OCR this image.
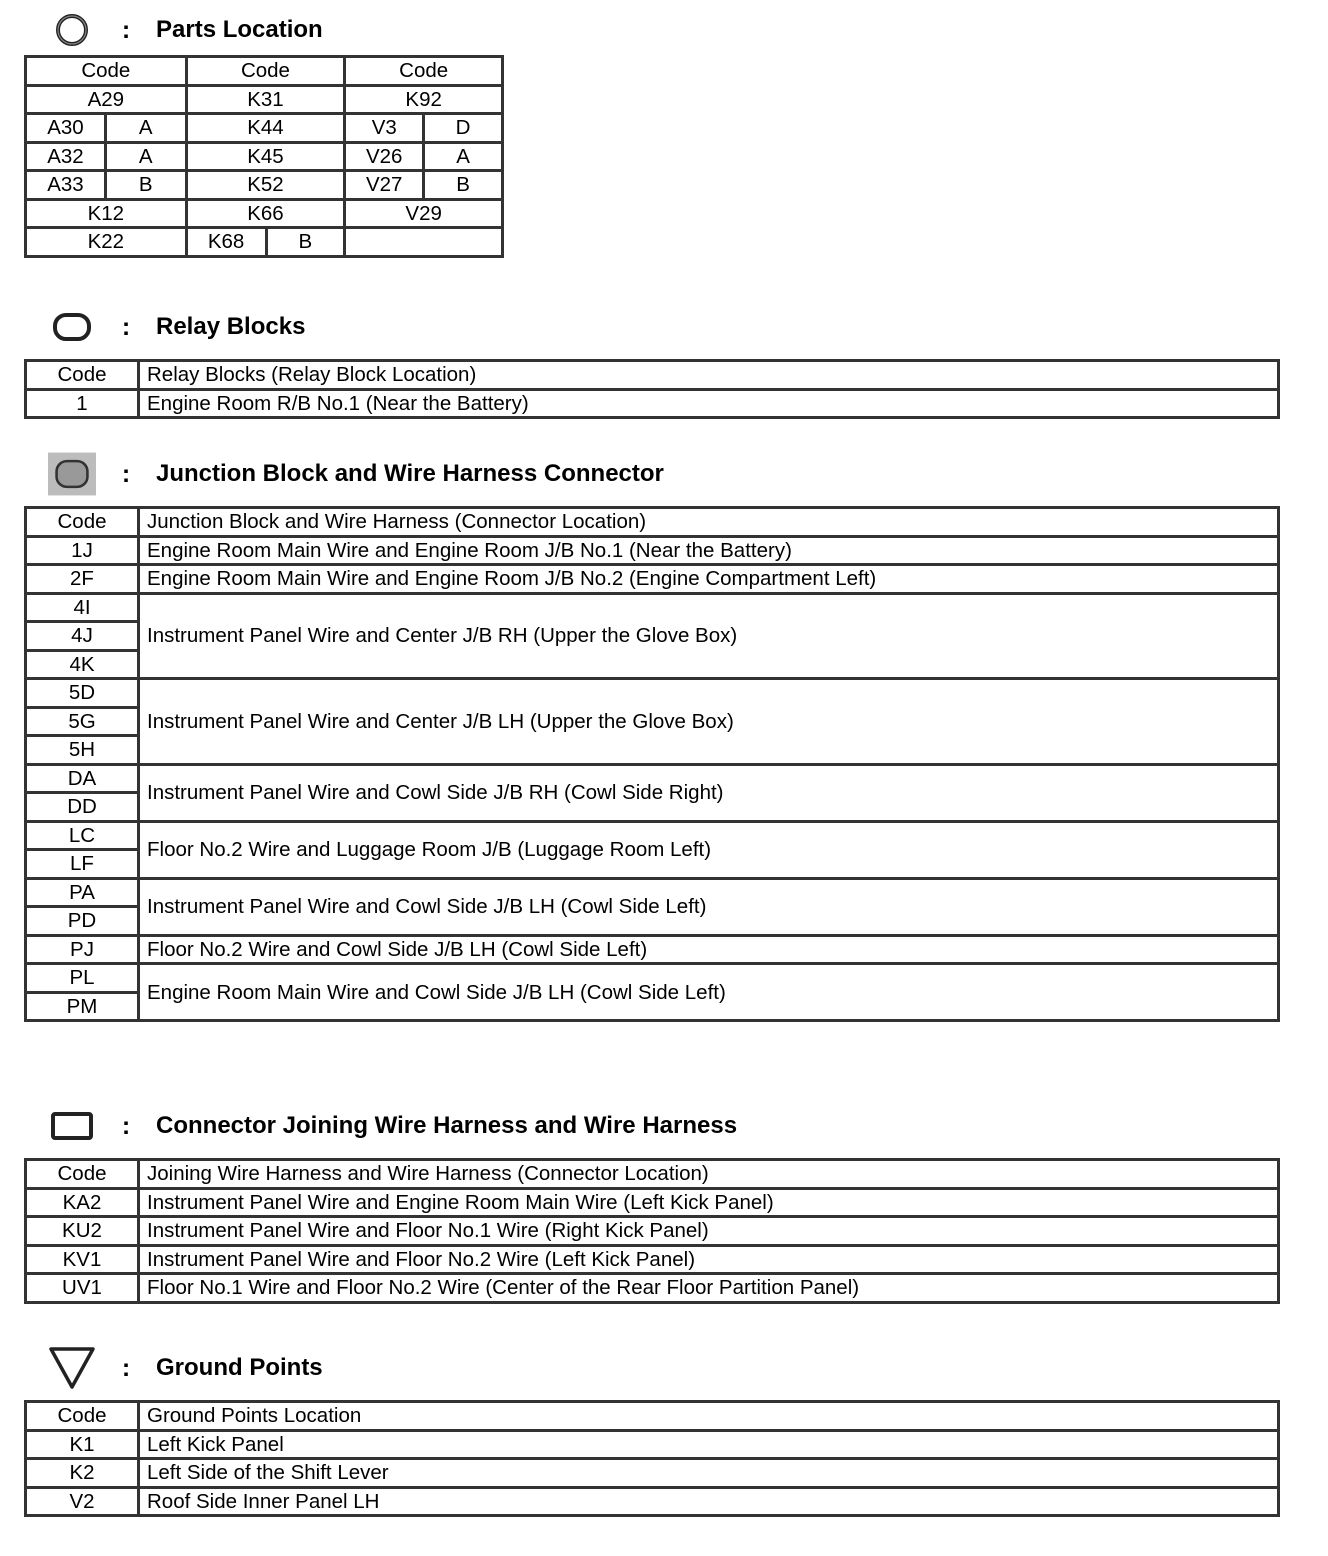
:	Parts Location
Code		Code		Code	
A29		K31		K92	
A30	A	K44		V3	D
A32	A	K45		V26	A
A33	B	K52		V27	B
K12		K66		V29	
K22		K68	B		
:	Relay Blocks
Code	Relay Blocks (Relay Block Location)
1	Engine Room R/B No.1 (Near the Battery)
:	Junction Block and Wire Harness Connector
Code	Junction Block and Wire Harness (Connector Location)
1J	Engine Room Main Wire and Engine Room J/B No.1 (Near the Battery)
2F	Engine Room Main Wire and Engine Room J/B No.2 (Engine Compartment Left)
4I	Instrument Panel Wire and Center J/B RH (Upper the Glove Box)
4J	
4K	
5D	Instrument Panel Wire and Center J/B LH (Upper the Glove Box)
5G	
5H	
DA	Instrument Panel Wire and Cowl Side J/B RH (Cowl Side Right)
DD	
LC	Floor No.2 Wire and Luggage Room J/B (Luggage Room Left)
LF	
PA	Instrument Panel Wire and Cowl Side J/B LH (Cowl Side Left)
PD	
PJ	Floor No.2 Wire and Cowl Side J/B LH (Cowl Side Left)
PL	Engine Room Main Wire and Cowl Side J/B LH (Cowl Side Left)
PM	
:	Connector Joining Wire Harness and Wire Harness
Code	Joining Wire Harness and Wire Harness (Connector Location)
KA2	Instrument Panel Wire and Engine Room Main Wire (Left Kick Panel)
KU2	Instrument Panel Wire and Floor No.1 Wire (Right Kick Panel)
KV1	Instrument Panel Wire and Floor No.2 Wire (Left Kick Panel)
UV1	Floor No.1 Wire and Floor No.2 Wire (Center of the Rear Floor Partition Panel)
:	Ground Points
Code	Ground Points Location
K1	Left Kick Panel
K2	Left Side of the Shift Lever
V2	Roof Side Inner Panel LH
